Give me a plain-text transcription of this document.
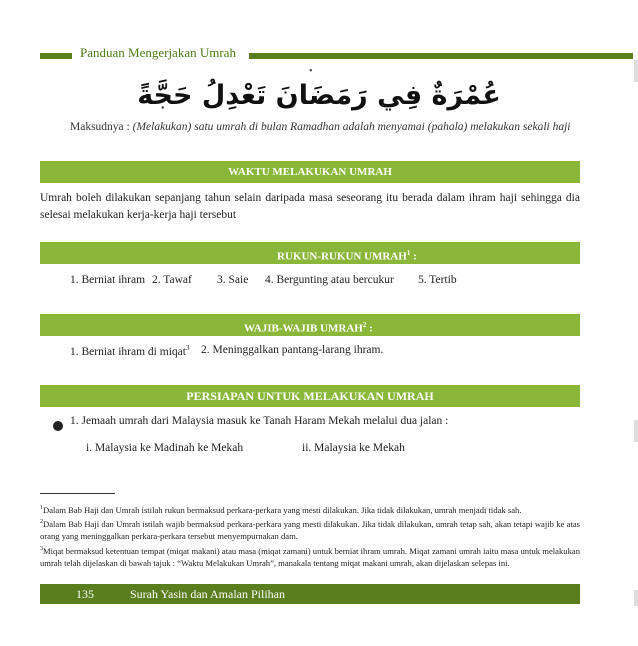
Panduan Mengerjakan Umrah
•
عُمْرَةٌ فِي رَمَضَانَ تَعْدِلُ حَجَّةً
Maksudnya : (Melakukan) satu umrah di bulan Ramadhan adalah menyamai (pahala) melakukan sekali haji
WAKTU MELAKUKAN UMRAH
Umrah boleh dilakukan sepanjang tahun selain daripada masa seseorang itu berada dalam ihram haji sehingga dia selesai melakukan kerja-kerja haji tersebut
RUKUN-RUKUN UMRAH$^1$ :
1. Berniat ihram 2. Tawaf 3. Saie 4. Bergunting atau bercukur 5. Tertib
WAJIB-WAJIB UMRAH$^2$ :
1. Berniat ihram di miqat$^3$ 2. Meninggalkan pantang-larang ihram.
PERSIAPAN UNTUK MELAKUKAN UMRAH
1. Jemaah umrah dari Malaysia masuk ke Tanah Haram Mekah melalui dua jalan :
i. Malaysia ke Madinah ke Mekah	ii. Malaysia ke Mekah
$^1$Dalam Bab Haji dan Umrah istilah rukun bermaksud perkara-perkara yang mesti dilakukan. Jika tidak dilakukan, umrah menjadi tidak sah.
$^2$Dalam Bab Haji dan Umrah istilah wajib bermaksud perkara-perkara yang mesti dilakukan. Jika tidak dilakukan, umrah tetap sah, akan tetapi wajib ke atas orang yang meninggalkan perkara-perkara tersebut menyempurnakan dam.
$^3$Miqat bermaksud ketentuan tempat (miqat makani) atau masa (miqat zamani) untuk berniat ihram umrah. Miqat zamani umrah iaitu masa untuk melakukan umrah telah dijelaskan di bawah tajuk : “Waktu Melakukan Umrah”, manakala tentang miqat makani umrah, akan dijelaskan selepas ini.
135	Surah Yasin dan Amalan Pilihan
